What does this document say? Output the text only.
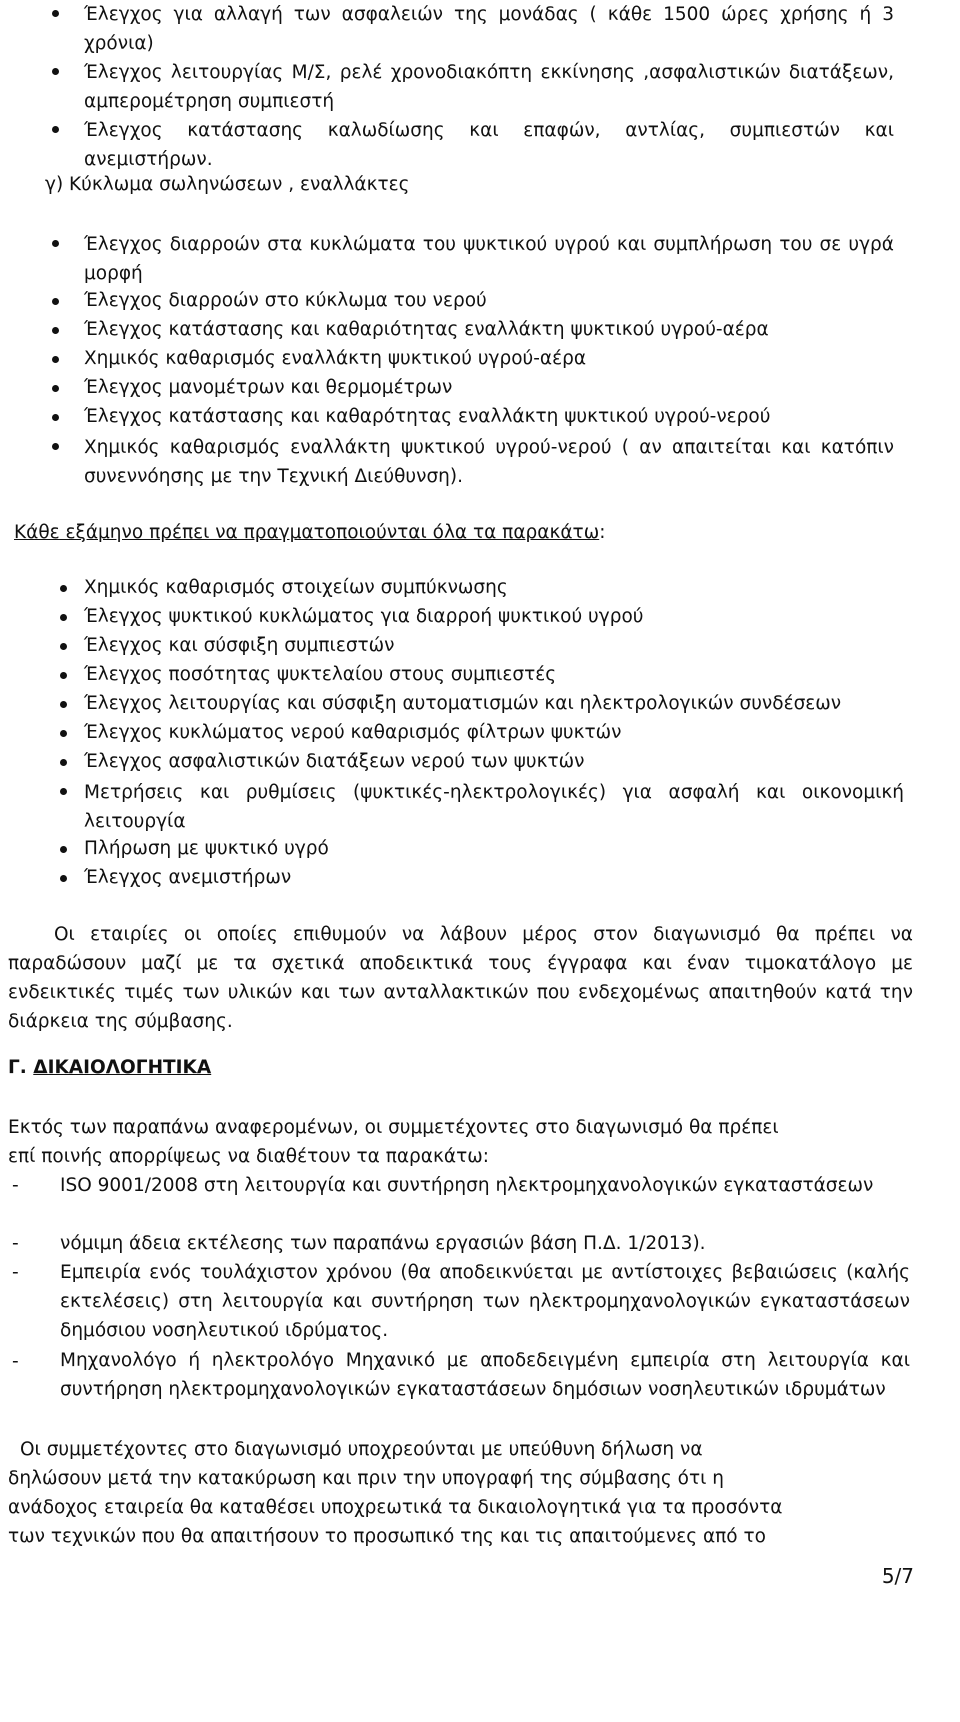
Έλεγχος για αλλαγή των ασφαλειών της μονάδας ( κάθε 1500 ώρες χρήσης ή 3 χρόνια)
Έλεγχος λειτουργίας Μ/Σ, ρελέ χρονοδιακόπτη εκκίνησης ,ασφαλιστικών διατάξεων, αμπερομέτρηση συμπιεστή
Έλεγχος κατάστασης καλωδίωσης και επαφών, αντλίας, συμπιεστών και ανεμιστήρων.
γ) Κύκλωμα σωληνώσεων , εναλλάκτες
Έλεγχος διαρροών στα κυκλώματα του ψυκτικού υγρού και συμπλήρωση του σε υγρά μορφή
Έλεγχος διαρροών στο κύκλωμα του νερού
Έλεγχος κατάστασης και καθαριότητας εναλλάκτη ψυκτικού υγρού-αέρα
Χημικός καθαρισμός εναλλάκτη ψυκτικού υγρού-αέρα
Έλεγχος μανομέτρων και θερμομέτρων
Έλεγχος κατάστασης και καθαρότητας εναλλάκτη ψυκτικού υγρού-νερού
Χημικός καθαρισμός εναλλάκτη ψυκτικού υγρού-νερού ( αν απαιτείται και κατόπιν συνεννόησης με την Τεχνική Διεύθυνση).
Κάθε εξάμηνο πρέπει να πραγματοποιούνται όλα τα παρακάτω:
Χημικός καθαρισμός στοιχείων συμπύκνωσης
Έλεγχος ψυκτικού κυκλώματος για διαρροή ψυκτικού υγρού
Έλεγχος και σύσφιξη συμπιεστών
Έλεγχος ποσότητας ψυκτελαίου στους συμπιεστές
Έλεγχος λειτουργίας και σύσφιξη αυτοματισμών και ηλεκτρολογικών συνδέσεων
Έλεγχος κυκλώματος νερού καθαρισμός φίλτρων ψυκτών
Έλεγχος ασφαλιστικών διατάξεων νερού των ψυκτών
Μετρήσεις και ρυθμίσεις (ψυκτικές-ηλεκτρολογικές) για ασφαλή και οικονομική λειτουργία
Πλήρωση με ψυκτικό υγρό
Έλεγχος ανεμιστήρων
Οι εταιρίες οι οποίες επιθυμούν να λάβουν μέρος στον διαγωνισμό θα πρέπει να παραδώσουν μαζί με τα σχετικά αποδεικτικά τους έγγραφα και έναν τιμοκατάλογο με ενδεικτικές τιμές των υλικών και των ανταλλακτικών που ενδεχομένως απαιτηθούν κατά την διάρκεια της σύμβασης.
Γ. ΔΙΚΑΙΟΛΟΓΗΤΙΚΑ
Εκτός των παραπάνω αναφερομένων, οι συμμετέχοντες στο διαγωνισμό θα πρέπει
επί ποινής απορρίψεως να διαθέτουν τα παρακάτω:
- ISO 9001/2008 στη λειτουργία και συντήρηση ηλεκτρομηχανολογικών εγκαταστάσεων
- νόμιμη άδεια εκτέλεσης των παραπάνω εργασιών βάση Π.Δ. 1/2013).
- Εμπειρία ενός τουλάχιστον χρόνου (θα αποδεικνύεται με αντίστοιχες βεβαιώσεις (καλής εκτελέσεις) στη λειτουργία και συντήρηση των ηλεκτρομηχανολογικών εγκαταστάσεων δημόσιου νοσηλευτικού ιδρύματος.
- Μηχανολόγο ή ηλεκτρολόγο Μηχανικό με αποδεδειγμένη εμπειρία στη λειτουργία και συντήρηση ηλεκτρομηχανολογικών εγκαταστάσεων δημόσιων νοσηλευτικών ιδρυμάτων
Οι συμμετέχοντες στο διαγωνισμό υποχρεούνται με υπεύθυνη δήλωση να
δηλώσουν μετά την κατακύρωση και πριν την υπογραφή της σύμβασης ότι η
ανάδοχος εταιρεία θα καταθέσει υποχρεωτικά τα δικαιολογητικά για τα προσόντα
των τεχνικών που θα απαιτήσουν το προσωπικό της και τις απαιτούμενες από το
5/7
